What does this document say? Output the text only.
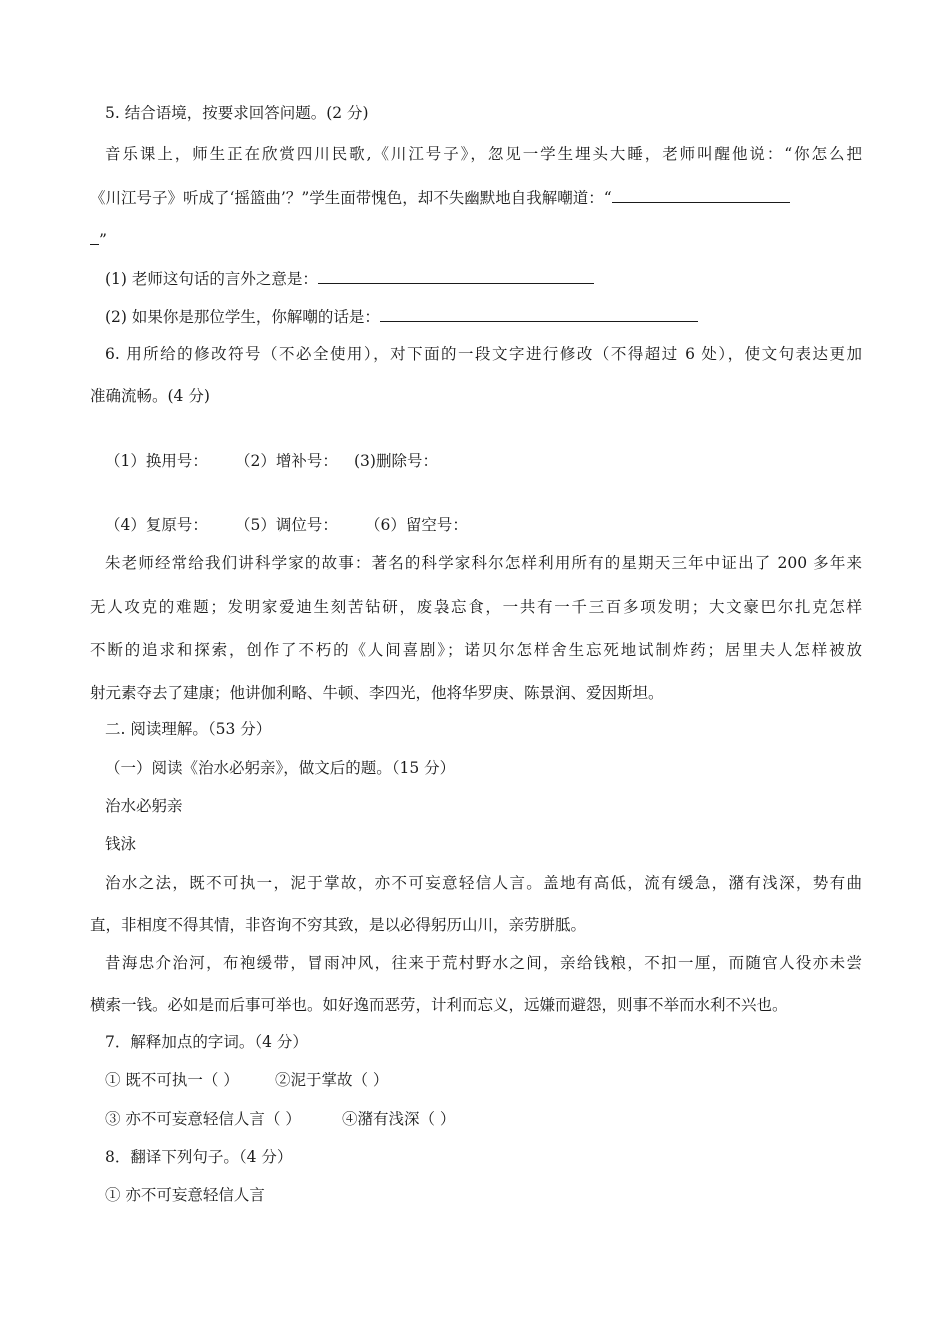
5. 结合语境，按要求回答问题。(2 分)
音乐课上，师生正在欣赏四川民歌,《川江号子》，忽见一学生埋头大睡，老师叫醒他说：“你怎么把
《川江号子》听成了‘摇篮曲’？”学生面带愧色，却不失幽默地自我解嘲道：“
”
(1) 老师这句话的言外之意是：
(2) 如果你是那位学生，你解嘲的话是：
6. 用所给的修改符号（不必全使用），对下面的一段文字进行修改（不得超过 6 处），使文句表达更加
准确流畅。(4 分)
（1）换用号： （2）增补号： (3)删除号：
（4）复原号： （5）调位号： （6）留空号：
朱老师经常给我们讲科学家的故事：著名的科学家科尔怎样利用所有的星期天三年中证出了 200 多年来
无人攻克的难题；发明家爱迪生刻苦钻研，废袅忘食，一共有一千三百多项发明；大文豪巴尔扎克怎样
不断的追求和探索，创作了不朽的《人间喜剧》；诺贝尔怎样舍生忘死地试制炸药；居里夫人怎样被放
射元素夺去了建康；他讲伽利略、牛顿、李四光，他将华罗庚、陈景润、爱因斯坦。
二. 阅读理解。（53 分）
（一）阅读《治水必躬亲》，做文后的题。（15 分）
治水必躬亲
钱泳
治水之法，既不可执一，泥于掌故，亦不可妄意轻信人言。盖地有高低，流有缓急，潴有浅深，势有曲
直，非相度不得其情，非咨询不穷其致，是以必得躬历山川，亲劳胼胝。
昔海忠介治河，布袍缓带，冒雨冲风，往来于荒村野水之间，亲给钱粮，不扣一厘，而随官人役亦未尝
横索一钱。必如是而后事可举也。如好逸而恶劳，计利而忘义，远嫌而避怨，则事不举而水利不兴也。
7．解释加点的字词。（4 分）
① 既不可执一（ ） ②泥于掌故（ ）
③ 亦不可妄意轻信人言（ ）	④潴有浅深（ ）
8．翻译下列句子。（4 分）
① 亦不可妄意轻信人言
